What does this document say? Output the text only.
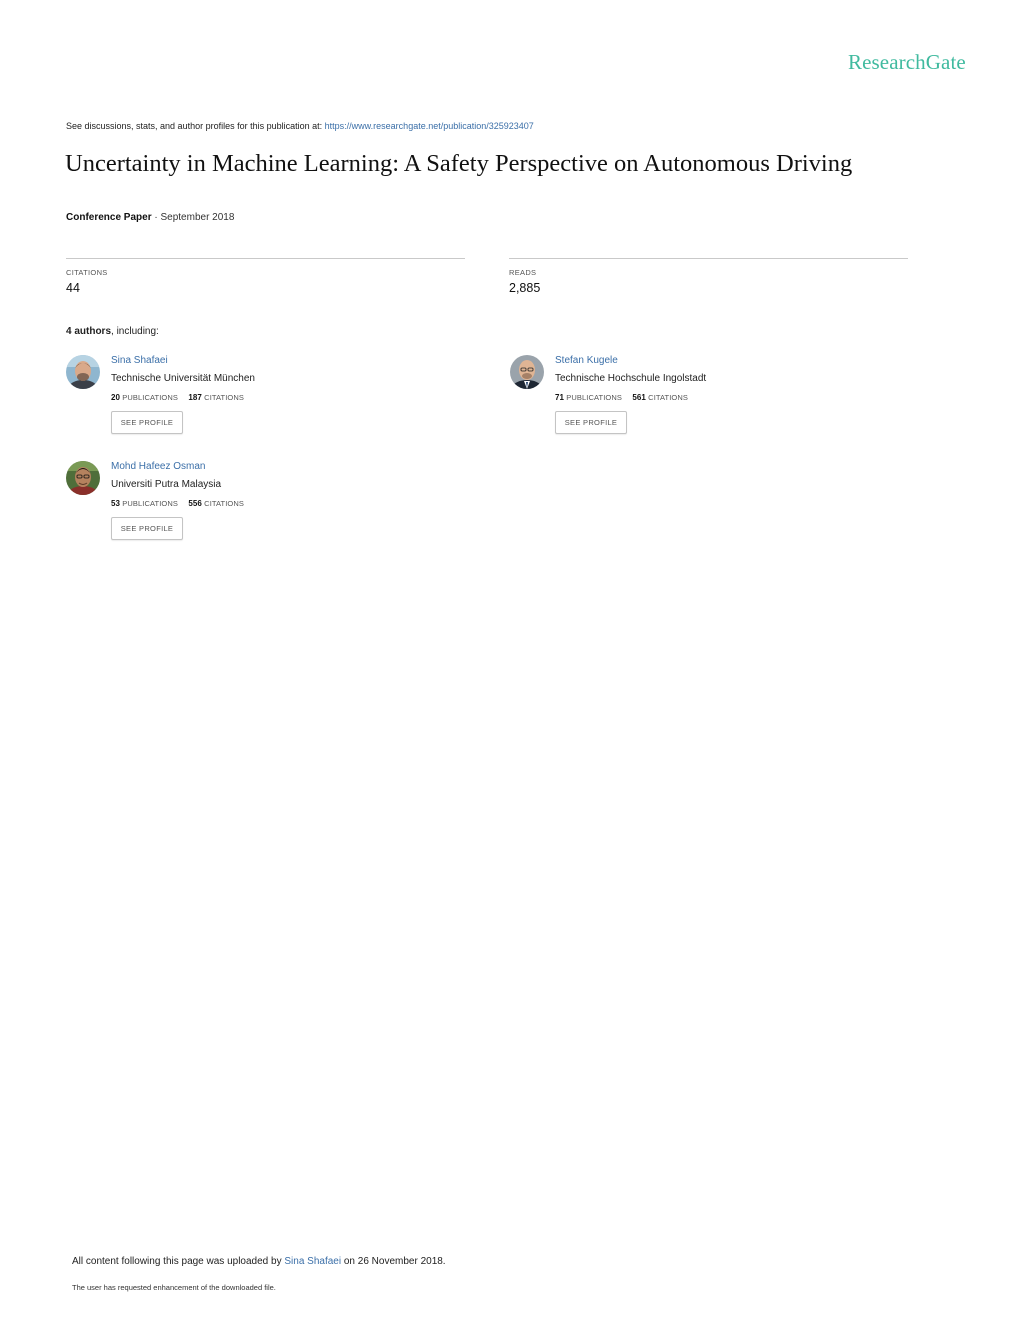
ResearchGate
See discussions, stats, and author profiles for this publication at: https://www.researchgate.net/publication/325923407
Uncertainty in Machine Learning: A Safety Perspective on Autonomous Driving
Conference Paper · September 2018
CITATIONS
44
READS
2,885
4 authors, including:
Sina Shafaei
Technische Universität München
20 PUBLICATIONS 187 CITATIONS
SEE PROFILE
Stefan Kugele
Technische Hochschule Ingolstadt
71 PUBLICATIONS 561 CITATIONS
SEE PROFILE
Mohd Hafeez Osman
Universiti Putra Malaysia
53 PUBLICATIONS 556 CITATIONS
SEE PROFILE
All content following this page was uploaded by Sina Shafaei on 26 November 2018.
The user has requested enhancement of the downloaded file.
